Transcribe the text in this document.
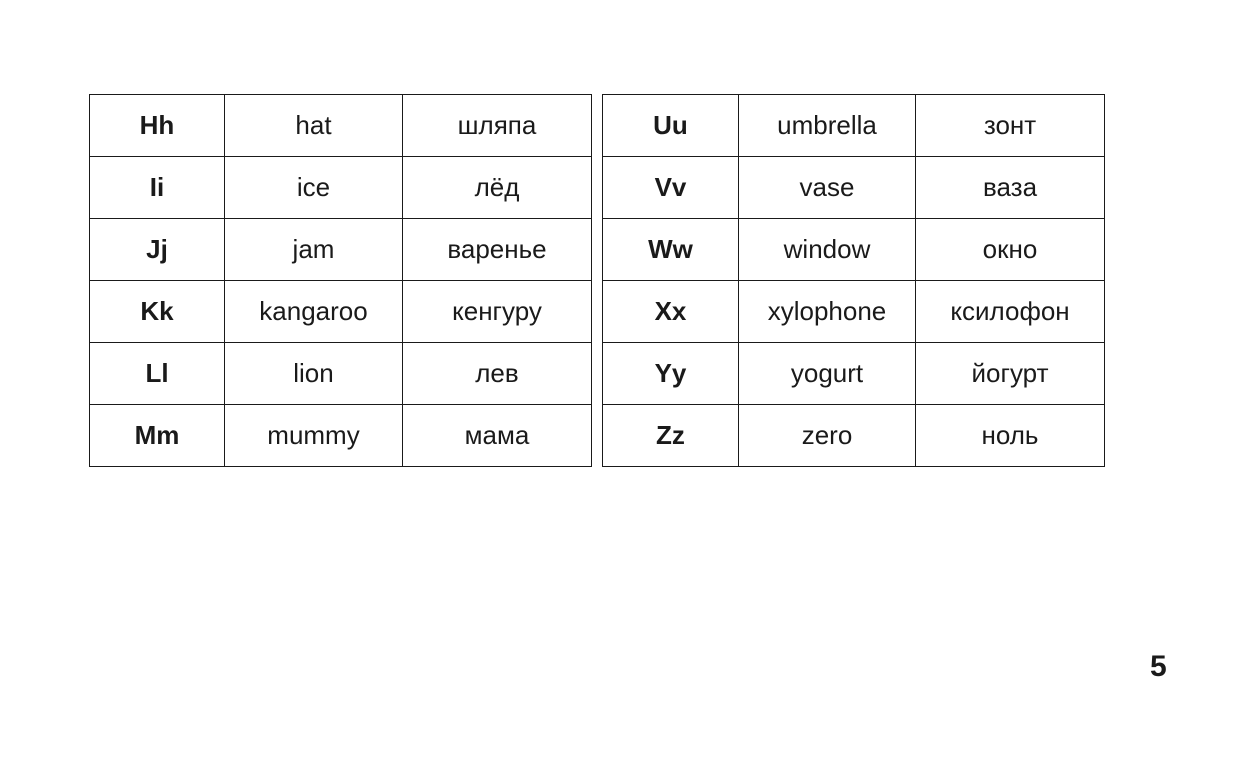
Hh	hat	шляпа
Ii	ice	лёд
Jj	jam	варенье
Kk	kangaroo	кенгуру
Ll	lion	лев
Mm	mummy	мама
Uu	umbrella	зонт
Vv	vase	ваза
Ww	window	окно
Xx	xylophone	ксилофон
Yy	yogurt	йогурт
Zz	zero	ноль
5
